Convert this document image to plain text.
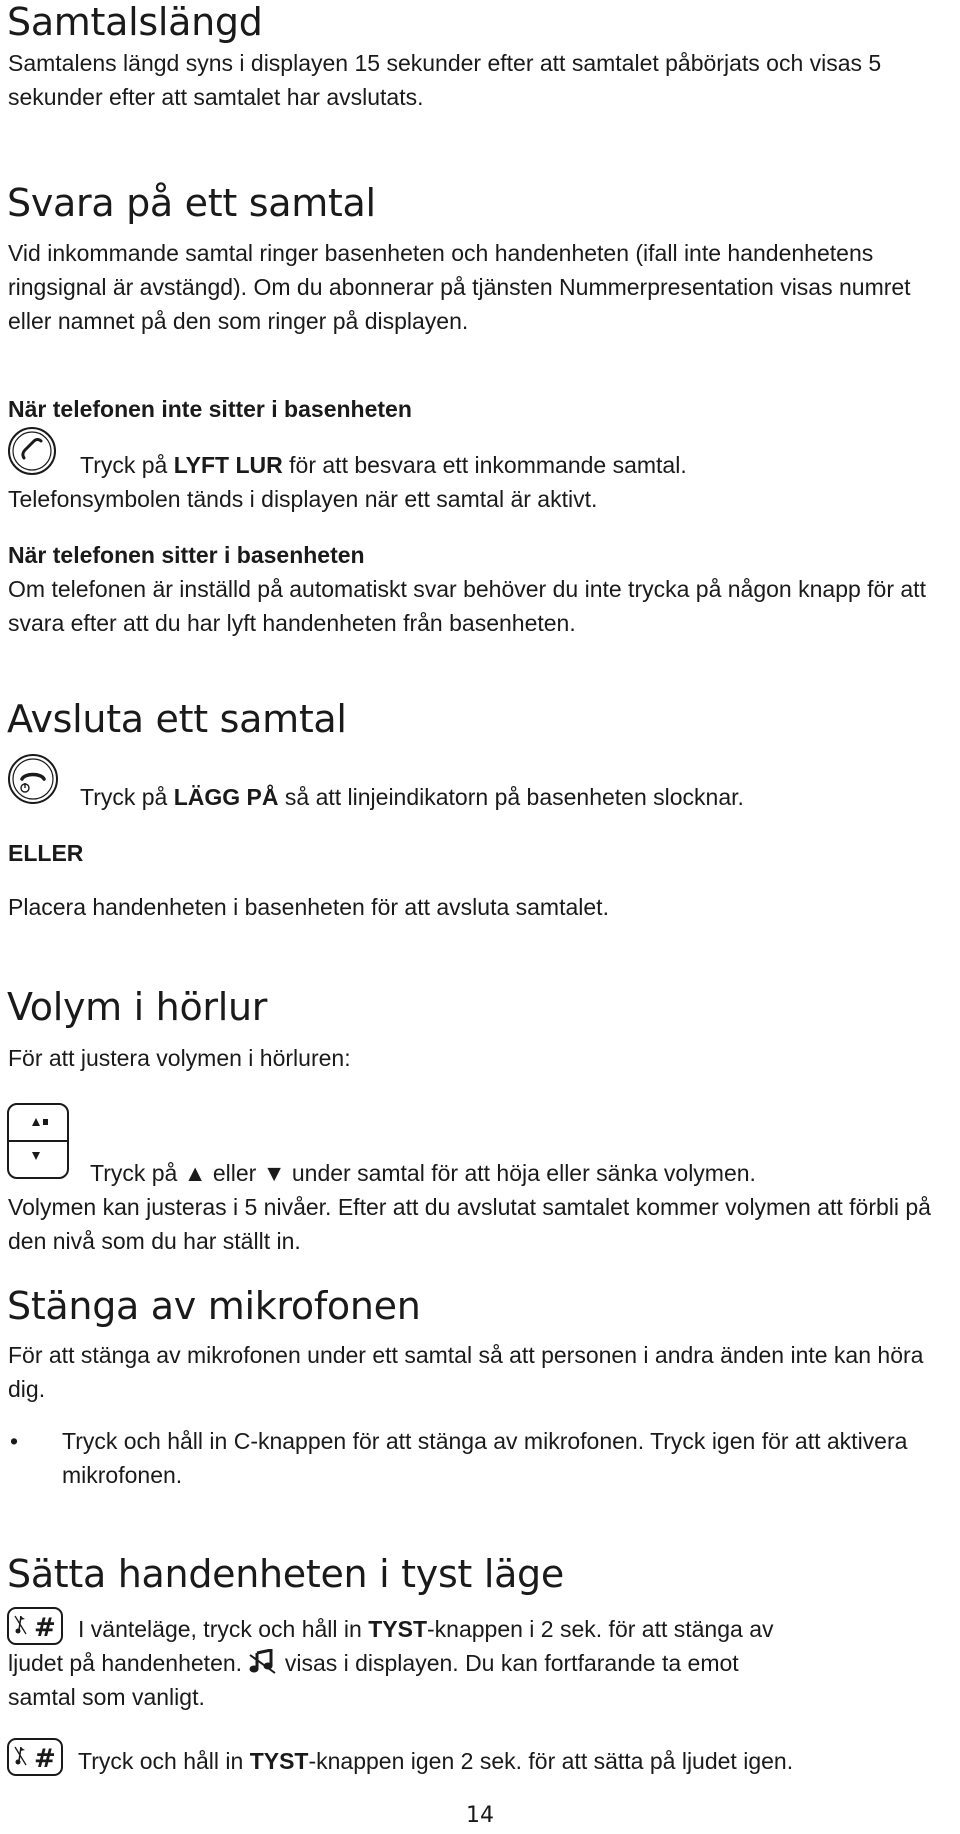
Samtalslängd

Samtalens längd syns i displayen 15 sekunder efter att samtalet påbörjats och visas 5 sekunder efter att samtalet har avslutats.

Svara på ett samtal

Vid inkommande samtal ringer basenheten och handenheten (ifall inte handenhetens ringsignal är avstängd). Om du abonnerar på tjänsten Nummerpresentation visas numret eller namnet på den som ringer på displayen.

När telefonen inte sitter i basenheten
Tryck på LYFT LUR för att besvara ett inkommande samtal.
Telefonsymbolen tänds i displayen när ett samtal är aktivt.
När telefonen sitter i basenheten

Om telefonen är inställd på automatiskt svar behöver du inte trycka på någon knapp för att svara efter att du har lyft handenheten från basenheten.

Avsluta ett samtal
Tryck på LÄGG PÅ så att linjeindikatorn på basenheten slocknar.
ELLER
Placera handenheten i basenheten för att avsluta samtalet.
Volym i hörlur
För att justera volymen i hörluren:
Tryck på ▲ eller ▼ under samtal för att höja eller sänka volymen.

Volymen kan justeras i 5 nivåer. Efter att du avslutat samtalet kommer volymen att förbli på den nivå som du har ställt in.

Stänga av mikrofonen

För att stänga av mikrofonen under ett samtal så att personen i andra änden inte kan höra dig.

• Tryck och håll in C-knappen för att stänga av mikrofonen. Tryck igen för att aktivera mikrofonen.

Sätta handenheten i tyst läge
# I vänteläge, tryck och håll in TYST-knappen i 2 sek. för att stänga av
ljudet på handenheten.  visas i displayen. Du kan fortfarande ta emot
samtal som vanligt.
# Tryck och håll in TYST-knappen igen 2 sek. för att sätta på ljudet igen.
14
